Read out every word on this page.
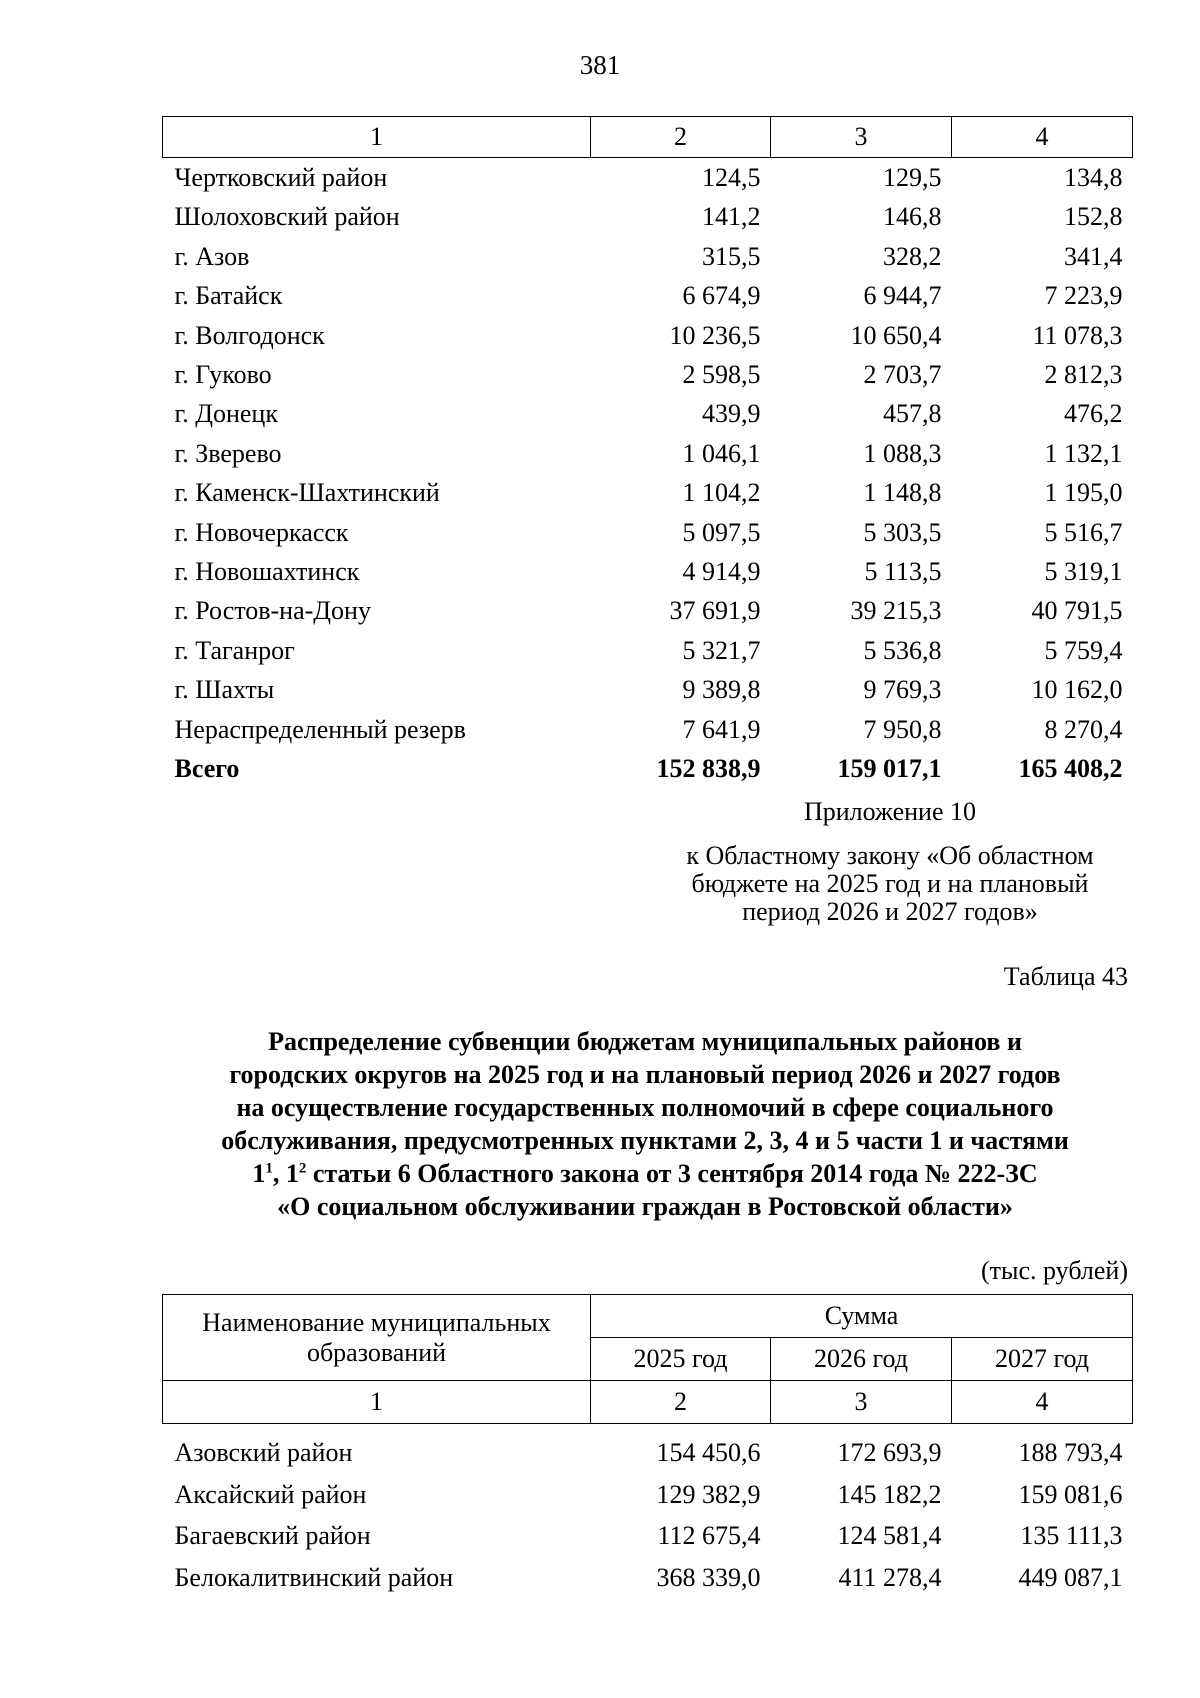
381
1	2	3	4
Чертковский район	124,5	129,5	134,8
Шолоховский район	141,2	146,8	152,8
г. Азов	315,5	328,2	341,4
г. Батайск	6 674,9	6 944,7	7 223,9
г. Волгодонск	10 236,5	10 650,4	11 078,3
г. Гуково	2 598,5	2 703,7	2 812,3
г. Донецк	439,9	457,8	476,2
г. Зверево	1 046,1	1 088,3	1 132,1
г. Каменск-Шахтинский	1 104,2	1 148,8	1 195,0
г. Новочеркасск	5 097,5	5 303,5	5 516,7
г. Новошахтинск	4 914,9	5 113,5	5 319,1
г. Ростов-на-Дону	37 691,9	39 215,3	40 791,5
г. Таганрог	5 321,7	5 536,8	5 759,4
г. Шахты	9 389,8	9 769,3	10 162,0
Нераспределенный резерв	7 641,9	7 950,8	8 270,4
Всего	152 838,9	159 017,1	165 408,2
Приложение 10
к Областному закону «Об областном
бюджете на 2025 год и на плановый
период 2026 и 2027 годов»
Таблица 43
Распределение субвенции бюджетам муниципальных районов и
городских округов на 2025 год и на плановый период 2026 и 2027 годов
на осуществление государственных полномочий в сфере социального
обслуживания, предусмотренных пунктами 2, 3, 4 и 5 части 1 и частями
$1^1$, $1^2$ статьи 6 Областного закона от 3 сентября 2014 года № 222-ЗС
«О социальном обслуживании граждан в Ростовской области»
(тыс. рублей)
Наименование муниципальных образований	Сумма		
	2025 год	2026 год	2027 год
1	2	3	4
Азовский район	154 450,6	172 693,9	188 793,4
Аксайский район	129 382,9	145 182,2	159 081,6
Багаевский район	112 675,4	124 581,4	135 111,3
Белокалитвинский район	368 339,0	411 278,4	449 087,1
